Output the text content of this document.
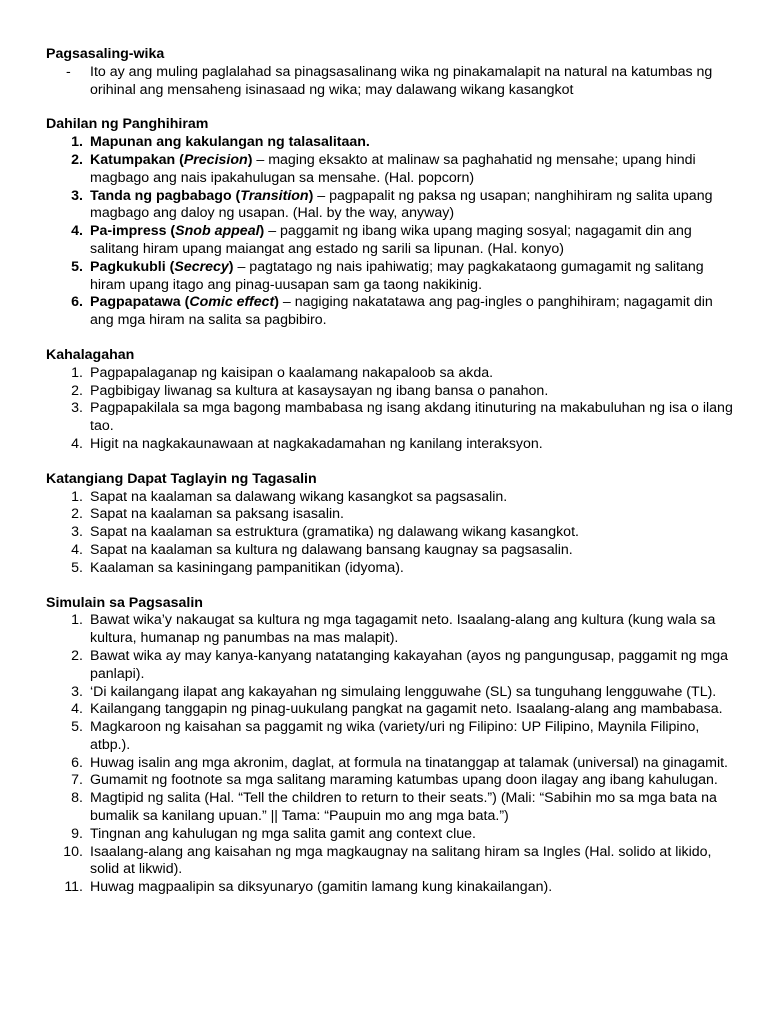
Pagsasaling-wika

- Ito ay ang muling paglalahad sa pinagsasalinang wika ng pinakamalapit na natural na katumbas ng orihinal ang mensaheng isinasaad ng wika; may dalawang wikang kasangkot

Dahilan ng Panghihiram

1. Mapunan ang kakulangan ng talasalitaan.
2. Katumpakan (Precision) – maging eksakto at malinaw sa paghahatid ng mensahe; upang hindi magbago ang nais ipakahulugan sa mensahe. (Hal. popcorn)
3. Tanda ng pagbabago (Transition) – pagpapalit ng paksa ng usapan; nanghihiram ng salita upang magbago ang daloy ng usapan. (Hal. by the way, anyway)
4. Pa-impress (Snob appeal) – paggamit ng ibang wika upang maging sosyal; nagagamit din ang salitang hiram upang maiangat ang estado ng sarili sa lipunan. (Hal. konyo)
5. Pagkukubli (Secrecy) – pagtatago ng nais ipahiwatig; may pagkakataong gumagamit ng salitang hiram upang itago ang pinag-uusapan sam ga taong nakikinig.
6. Pagpapatawa (Comic effect) – nagiging nakatatawa ang pag-ingles o panghihiram; nagagamit din ang mga hiram na salita sa pagbibiro.

Kahalagahan

1. Pagpapalaganap ng kaisipan o kaalamang nakapaloob sa akda.
2. Pagbibigay liwanag sa kultura at kasaysayan ng ibang bansa o panahon.
3. Pagpapakilala sa mga bagong mambabasa ng isang akdang itinuturing na makabuluhan ng isa o ilang tao.
4. Higit na nagkakaunawaan at nagkakadamahan ng kanilang interaksyon.

Katangiang Dapat Taglayin ng Tagasalin

1. Sapat na kaalaman sa dalawang wikang kasangkot sa pagsasalin.
2. Sapat na kaalaman sa paksang isasalin.
3. Sapat na kaalaman sa estruktura (gramatika) ng dalawang wikang kasangkot.
4. Sapat na kaalaman sa kultura ng dalawang bansang kaugnay sa pagsasalin.
5. Kaalaman sa kasiningang pampanitikan (idyoma).

Simulain sa Pagsasalin

1. Bawat wika’y nakaugat sa kultura ng mga tagagamit neto. Isaalang-alang ang kultura (kung wala sa kultura, humanap ng panumbas na mas malapit).
2. Bawat wika ay may kanya-kanyang natatanging kakayahan (ayos ng pangungusap, paggamit ng mga panlapi).
3. ‘Di kailangang ilapat ang kakayahan ng simulaing lengguwahe (SL) sa tunguhang lengguwahe (TL).
4. Kailangang tanggapin ng pinag-uukulang pangkat na gagamit neto. Isaalang-alang ang mambabasa.
5. Magkaroon ng kaisahan sa paggamit ng wika (variety/uri ng Filipino: UP Filipino, Maynila Filipino, atbp.).
6. Huwag isalin ang mga akronim, daglat, at formula na tinatanggap at talamak (universal) na ginagamit.
7. Gumamit ng footnote sa mga salitang maraming katumbas upang doon ilagay ang ibang kahulugan.
8. Magtipid ng salita (Hal. “Tell the children to return to their seats.”) (Mali: “Sabihin mo sa mga bata na bumalik sa kanilang upuan.” || Tama: “Paupuin mo ang mga bata.”)
9. Tingnan ang kahulugan ng mga salita gamit ang context clue.
10. Isaalang-alang ang kaisahan ng mga magkaugnay na salitang hiram sa Ingles (Hal. solido at likido, solid at likwid).
11. Huwag magpaalipin sa diksyunaryo (gamitin lamang kung kinakailangan).
